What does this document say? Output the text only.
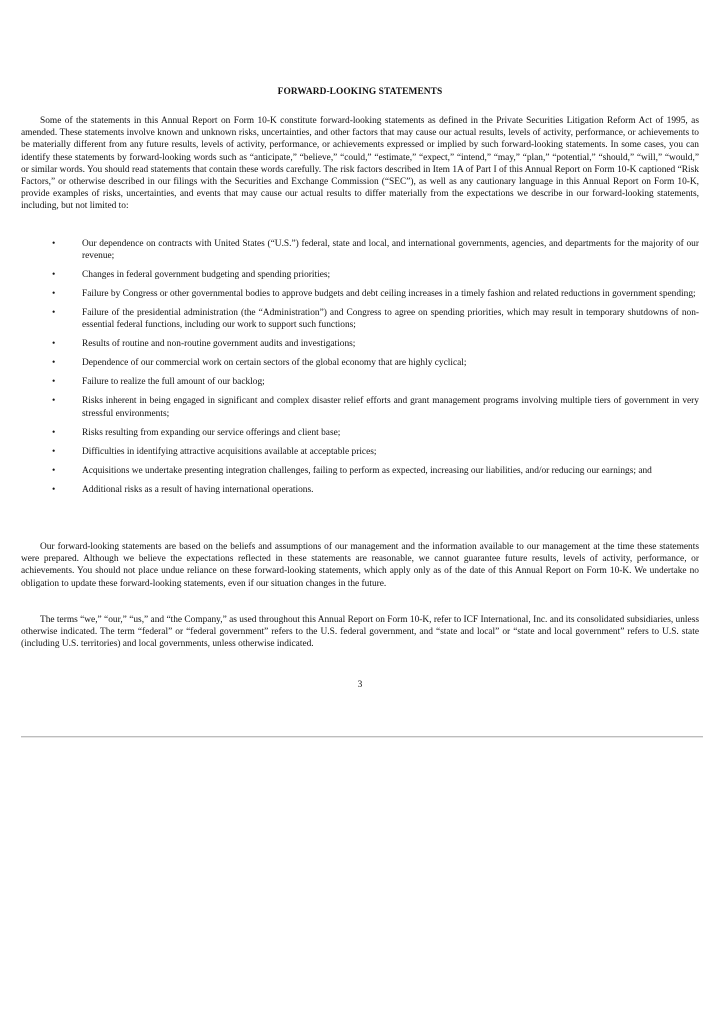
FORWARD-LOOKING STATEMENTS

Some of the statements in this Annual Report on Form 10-K constitute forward-looking statements as defined in the Private Securities Litigation Reform Act of 1995, as amended. These statements involve known and unknown risks, uncertainties, and other factors that may cause our actual results, levels of activity, performance, or achievements to be materially different from any future results, levels of activity, performance, or achievements expressed or implied by such forward-looking statements. In some cases, you can identify these statements by forward-looking words such as “anticipate,” “believe,” “could,” “estimate,” “expect,” “intend,” “may,” “plan,” “potential,” “should,” “will,” “would,” or similar words. You should read statements that contain these words carefully. The risk factors described in Item 1A of Part I of this Annual Report on Form 10-K captioned “Risk Factors,” or otherwise described in our filings with the Securities and Exchange Commission (“SEC”), as well as any cautionary language in this Annual Report on Form 10-K, provide examples of risks, uncertainties, and events that may cause our actual results to differ materially from the expectations we describe in our forward-looking statements, including, but not limited to:

•	Our dependence on contracts with United States (“U.S.”) federal, state and local, and international governments, agencies, and departments for the majority of our revenue;
•	Changes in federal government budgeting and spending priorities;
•	Failure by Congress or other governmental bodies to approve budgets and debt ceiling increases in a timely fashion and related reductions in government spending;
•	Failure of the presidential administration (the “Administration”) and Congress to agree on spending priorities, which may result in temporary shutdowns of non-essential federal functions, including our work to support such functions;
•	Results of routine and non-routine government audits and investigations;
•	Dependence of our commercial work on certain sectors of the global economy that are highly cyclical;
•	Failure to realize the full amount of our backlog;
•	Risks inherent in being engaged in significant and complex disaster relief efforts and grant management programs involving multiple tiers of government in very stressful environments;
•	Risks resulting from expanding our service offerings and client base;
•	Difficulties in identifying attractive acquisitions available at acceptable prices;
•	Acquisitions we undertake presenting integration challenges, failing to perform as expected, increasing our liabilities, and/or reducing our earnings; and
•	Additional risks as a result of having international operations.

Our forward-looking statements are based on the beliefs and assumptions of our management and the information available to our management at the time these statements were prepared. Although we believe the expectations reflected in these statements are reasonable, we cannot guarantee future results, levels of activity, performance, or achievements. You should not place undue reliance on these forward-looking statements, which apply only as of the date of this Annual Report on Form 10-K. We undertake no obligation to update these forward-looking statements, even if our situation changes in the future.

The terms “we,” “our,” “us,” and “the Company,” as used throughout this Annual Report on Form 10-K, refer to ICF International, Inc. and its consolidated subsidiaries, unless otherwise indicated. The term “federal” or “federal government” refers to the U.S. federal government, and “state and local” or “state and local government” refers to U.S. state (including U.S. territories) and local governments, unless otherwise indicated.

3
